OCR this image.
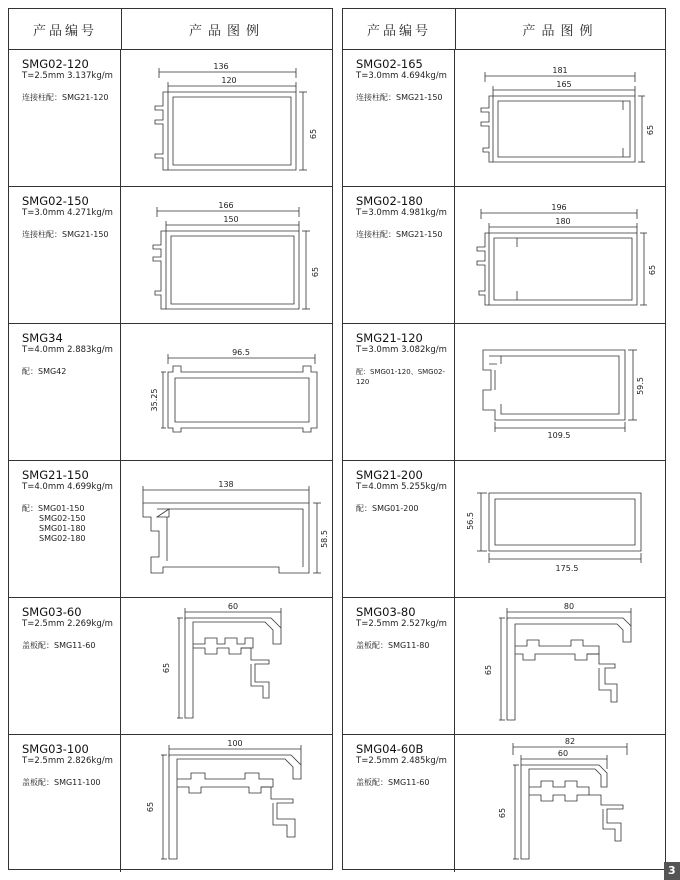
产品编号	产品图例
SMG02-120
T=2.5mm 3.137kg/m
连接柱配：SMG21-120
136
120
65
SMG02-150
T=3.0mm 4.271kg/m
连接柱配：SMG21-150
166
150
65
SMG34
T=4.0mm 2.883kg/m
配：SMG42
96.5
35.25
SMG21-150
T=4.0mm 4.699kg/m
配：SMG01-150
SMG02-150
SMG01-180
SMG02-180
138
58.5
SMG03-60
T=2.5mm 2.269kg/m
盖板配：SMG11-60
60
65
SMG03-100
T=2.5mm 2.826kg/m
盖板配：SMG11-100
100
65
产品编号	产品图例
SMG02-165
T=3.0mm 4.694kg/m
连接柱配：SMG21-150
181
165
65
SMG02-180
T=3.0mm 4.981kg/m
连接柱配：SMG21-150
196
180
65
SMG21-120
T=3.0mm 3.082kg/m
配：SMG01-120、SMG02-120
109.5
59.5
SMG21-200
T=4.0mm 5.255kg/m
配：SMG01-200
175.5
56.5
SMG03-80
T=2.5mm 2.527kg/m
盖板配：SMG11-80
80
65
SMG04-60B
T=2.5mm 2.485kg/m
盖板配：SMG11-60
82
60
65
3
